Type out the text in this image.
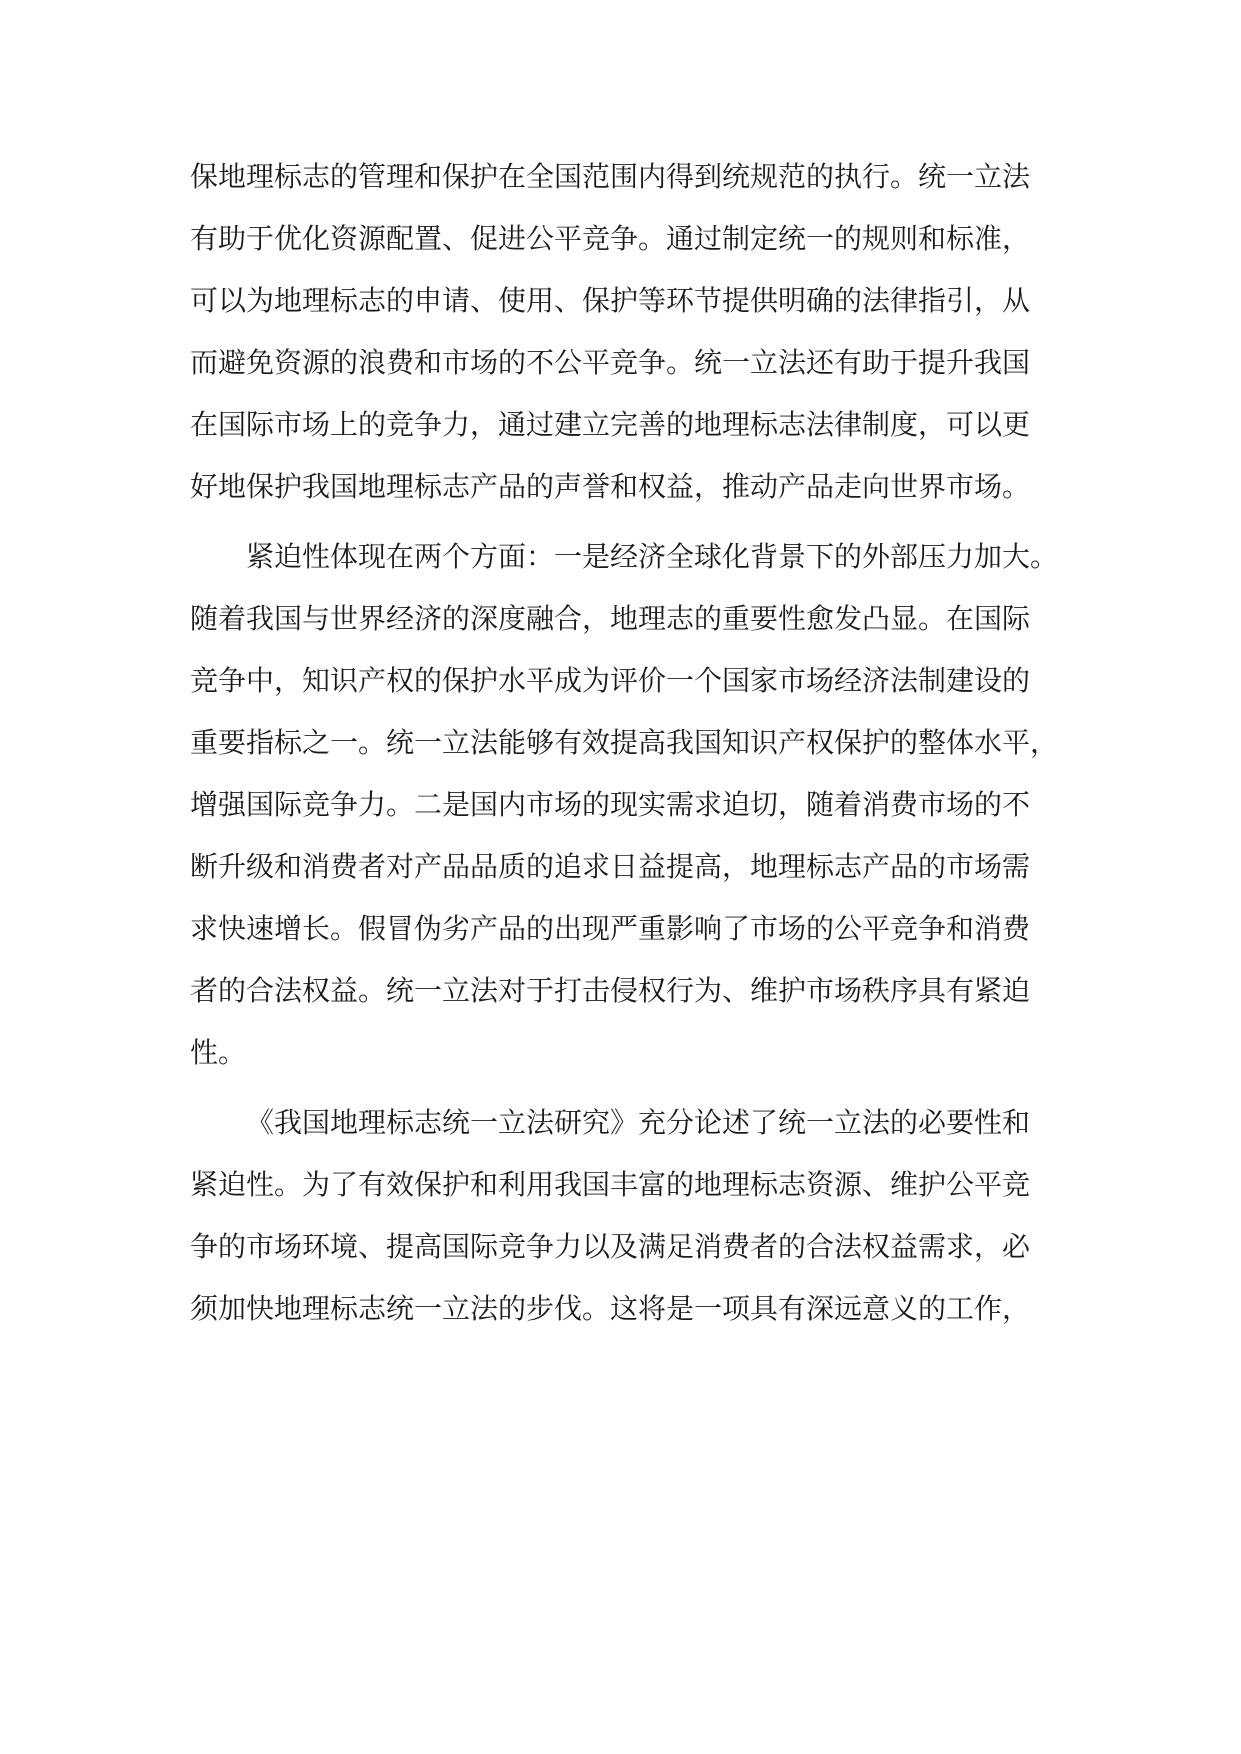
保地理标志的管理和保护在全国范围内得到统规范的执行。统一立法
有助于优化资源配置、促进公平竞争。通过制定统一的规则和标准，
可以为地理标志的申请、使用、保护等环节提供明确的法律指引，从
而避免资源的浪费和市场的不公平竞争。统一立法还有助于提升我国
在国际市场上的竞争力，通过建立完善的地理标志法律制度，可以更
好地保护我国地理标志产品的声誉和权益，推动产品走向世界市场。
紧迫性体现在两个方面：一是经济全球化背景下的外部压力加大。
随着我国与世界经济的深度融合，地理志的重要性愈发凸显。在国际
竞争中，知识产权的保护水平成为评价一个国家市场经济法制建设的
重要指标之一。统一立法能够有效提高我国知识产权保护的整体水平，
增强国际竞争力。二是国内市场的现实需求迫切，随着消费市场的不
断升级和消费者对产品品质的追求日益提高，地理标志产品的市场需
求快速增长。假冒伪劣产品的出现严重影响了市场的公平竞争和消费
者的合法权益。统一立法对于打击侵权行为、维护市场秩序具有紧迫
性。
《我国地理标志统一立法研究》充分论述了统一立法的必要性和
紧迫性。为了有效保护和利用我国丰富的地理标志资源、维护公平竞
争的市场环境、提高国际竞争力以及满足消费者的合法权益需求，必
须加快地理标志统一立法的步伐。这将是一项具有深远意义的工作，
